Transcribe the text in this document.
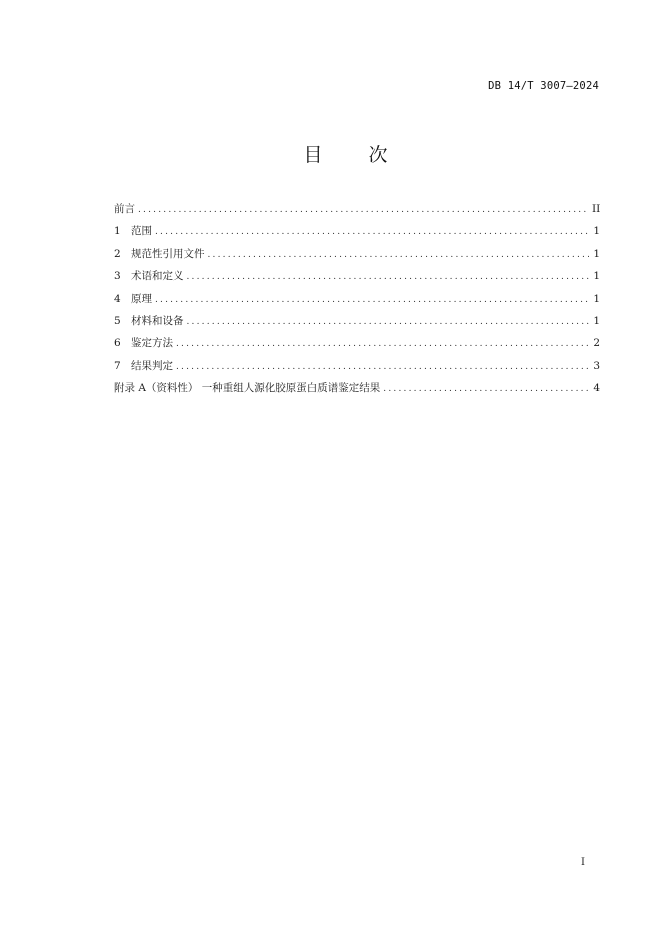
DB 14/T 3007—2024
目 次
前言 .....	II
1 范围 .....	1
2 规范性引用文件 .....	1
3 术语和定义 .....	1
4 原理 .....	1
5 材料和设备 .....	1
6 鉴定方法 .....	2
7 结果判定 .....	3
附录 A（资料性） 一种重组人源化胶原蛋白质谱鉴定结果 .....	4
I
